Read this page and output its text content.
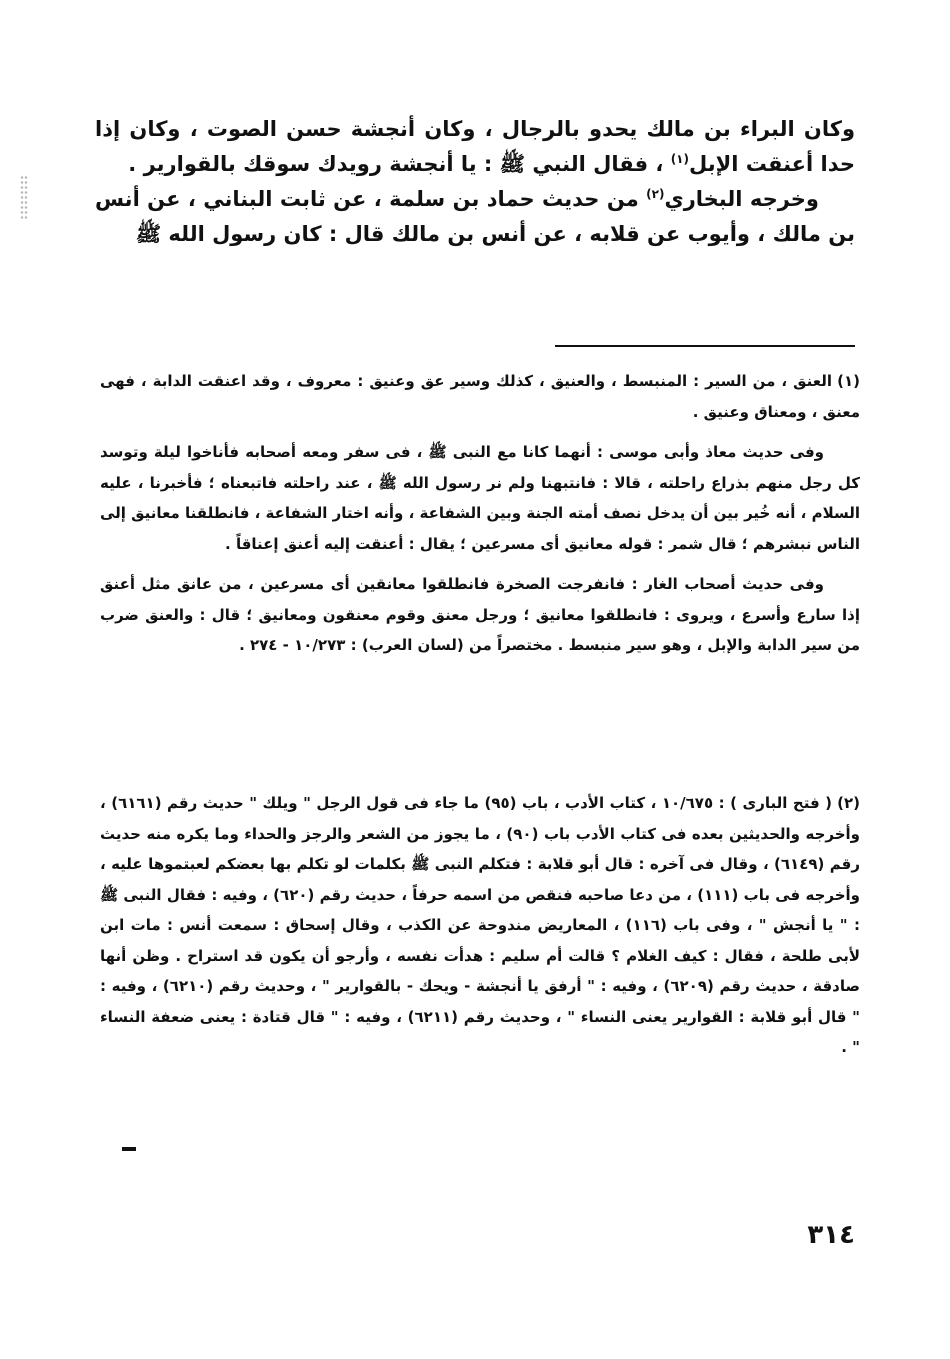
وكان البراء بن مالك يحدو بالرجال ، وكان أنجشة حسن الصوت ، وكان إذا حدا أعنقت الإبل$^{(١)}$ ، فقال النبي ﷺ : يا أنجشة رويدك سوقك بالقوارير .

وخرجه البخاري$^{(٢)}$ من حديث حماد بن سلمة ، عن ثابت البناني ، عن أنس بن مالك ، وأيوب عن قلابه ، عن أنس بن مالك قال : كان رسول الله ﷺ

(١)العنق ، من السير : المنبسط ، والعنيق ، كذلك وسير عق وعنيق : معروف ، وقد اعنقت الدابة ، فهى معنق ، ومعناق وعنيق .

وفى حديث معاذ وأبى موسى : أنهما كانا مع النبى ﷺ ، فى سفر ومعه أصحابه فأناخوا ليلة وتوسد كل رجل منهم بذراع راحلته ، قالا : فانتبهنا ولم نر رسول الله ﷺ ، عند راحلته فاتبعناه ؛ فأخبرنا ، عليه السلام ، أنه خُير بين أن يدخل نصف أمته الجنة وبين الشفاعة ، وأنه اختار الشفاعة ، فانطلقنا معانيق إلى الناس نبشرهم ؛ قال شمر : قوله معانيق أى مسرعين ؛ يقال : أعنقت إليه أعنق إعناقاً .

وفى حديث أصحاب الغار : فانفرجت الصخرة فانطلقوا معانقين أى مسرعين ، من عانق مثل أعنق إذا سارع وأسرع ، ويروى : فانطلقوا معانيق ؛ ورجل معنق وقوم معنقون ومعانيق ؛ قال : والعنق ضرب من سير الدابة والإبل ، وهو سير منبسط . مختصراً من (لسان العرب) : ١٠/٢٧٣ - ٢٧٤ .

(٢)( فتح البارى ) : ١٠/٦٧٥ ، كتاب الأدب ، باب (٩٥) ما جاء فى قول الرجل " ويلك " حديث رقم (٦١٦١) ، وأخرجه والحديثين بعده فى كتاب الأدب باب (٩٠) ، ما يجوز من الشعر والرجز والحداء وما يكره منه حديث رقم (٦١٤٩) ، وقال فى آخره : قال أبو قلابة : فتكلم النبى ﷺ بكلمات لو تكلم بها بعضكم لعبتموها عليه ، وأخرجه فى باب (١١١) ، من دعا صاحبه فنقص من اسمه حرفاً ، حديث رقم (٦٢٠) ، وفيه : فقال النبى ﷺ : " يا أنجش " ، وفى باب (١١٦) ، المعاريض مندوحة عن الكذب ، وقال إسحاق : سمعت أنس : مات ابن لأبى طلحة ، فقال : كيف الغلام ؟ قالت أم سليم : هدأت نفسه ، وأرجو أن يكون قد استراح . وظن أنها صادقة ، حديث رقم (٦٢٠٩) ، وفيه : " أرفق يا أنجشة - ويحك - بالقوارير " ، وحديث رقم (٦٢١٠) ، وفيه : " قال أبو قلابة : القوارير يعنى النساء " ، وحديث رقم (٦٢١١) ، وفيه : " قال قتادة : يعنى ضعفة النساء " .

٣١٤
